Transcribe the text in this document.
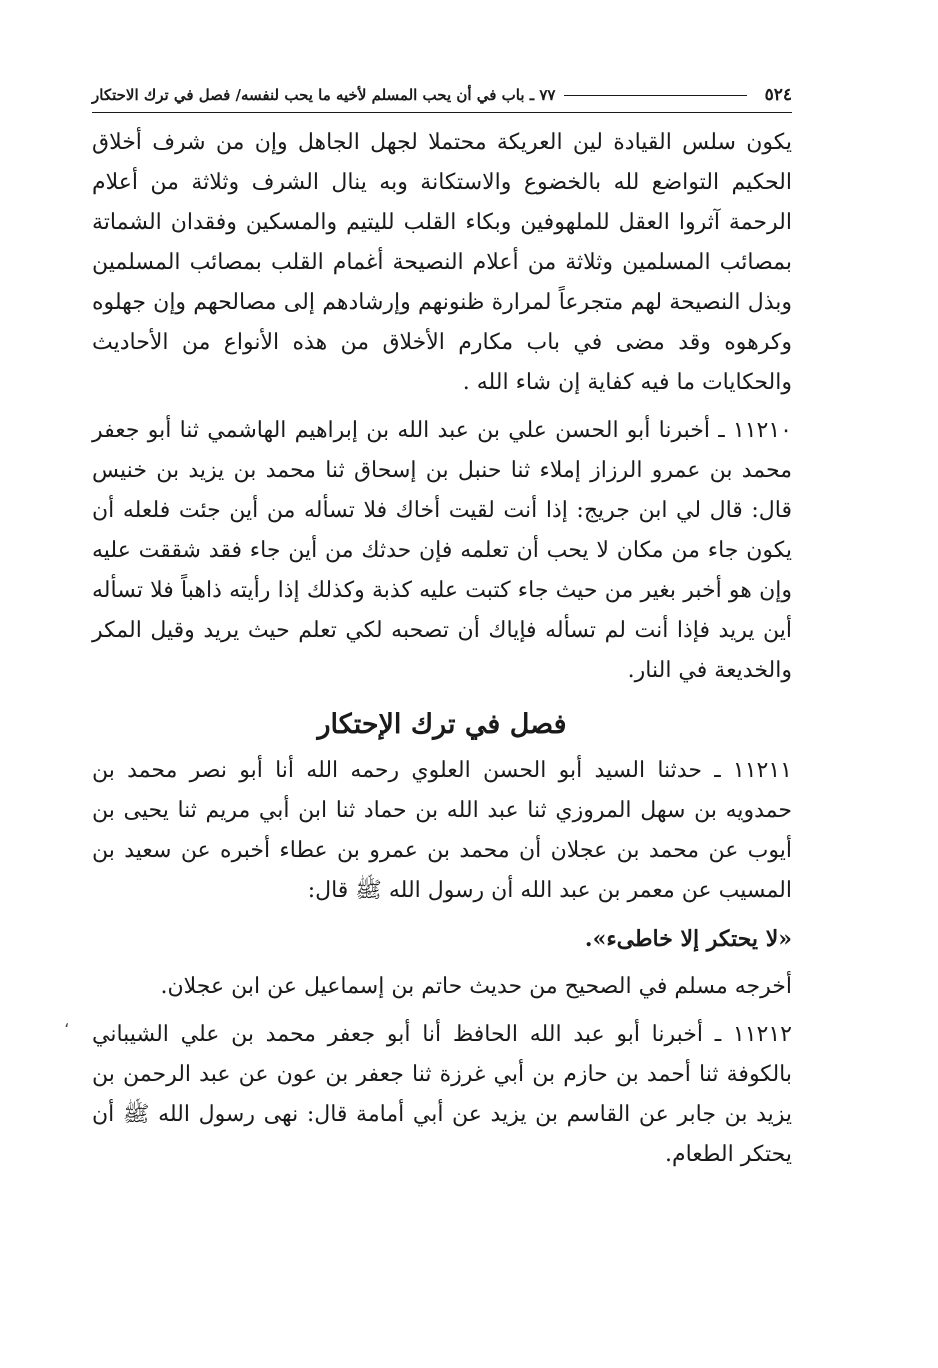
٥٢٤
٧٧ ـ باب في أن يحب المسلم لأخيه ما يحب لنفسه/ فصل في ترك الاحتكار

يكون سلس القيادة لين العريكة محتملا لجهل الجاهل وإن من شرف أخلاق الحكيم التواضع لله بالخضوع والاستكانة وبه ينال الشرف وثلاثة من أعلام الرحمة آثروا العقل للملهوفين وبكاء القلب لليتيم والمسكين وفقدان الشماتة بمصائب المسلمين وثلاثة من أعلام النصيحة أغمام القلب بمصائب المسلمين وبذل النصيحة لهم متجرعاً لمرارة ظنونهم وإرشادهم إلى مصالحهم وإن جهلوه وكرهوه وقد مضى في باب مكارم الأخلاق من هذه الأنواع من الأحاديث والحكايات ما فيه كفاية إن شاء الله .

١١٢١٠ ـ أخبرنا أبو الحسن علي بن عبد الله بن إبراهيم الهاشمي ثنا أبو جعفر محمد بن عمرو الرزاز إملاء ثنا حنبل بن إسحاق ثنا محمد بن يزيد بن خنيس قال: قال لي ابن جريج: إذا أنت لقيت أخاك فلا تسأله من أين جئت فلعله أن يكون جاء من مكان لا يحب أن تعلمه فإن حدثك من أين جاء فقد شققت عليه وإن هو أخبر بغير من حيث جاء كتبت عليه كذبة وكذلك إذا رأيته ذاهباً فلا تسأله أين يريد فإذا أنت لم تسأله فإياك أن تصحبه لكي تعلم حيث يريد وقيل المكر والخديعة في النار.

فصل في ترك الإحتكار

١١٢١١ ـ حدثنا السيد أبو الحسن العلوي رحمه الله أنا أبو نصر محمد بن حمدويه بن سهل المروزي ثنا عبد الله بن حماد ثنا ابن أبي مريم ثنا يحيى بن أيوب عن محمد بن عجلان أن محمد بن عمرو بن عطاء أخبره عن سعيد بن المسيب عن معمر بن عبد الله أن رسول الله ﷺ قال:

«لا يحتكر إلا خاطىء».

أخرجه مسلم في الصحيح من حديث حاتم بن إسماعيل عن ابن عجلان.

١١٢١٢ ـ أخبرنا أبو عبد الله الحافظ أنا أبو جعفر محمد بن علي الشيباني بالكوفة ثنا أحمد بن حازم بن أبي غرزة ثنا جعفر بن عون عن عبد الرحمن بن يزيد بن جابر عن القاسم بن يزيد عن أبي أمامة قال: نهى رسول الله ﷺ أن يحتكر الطعام.

،
